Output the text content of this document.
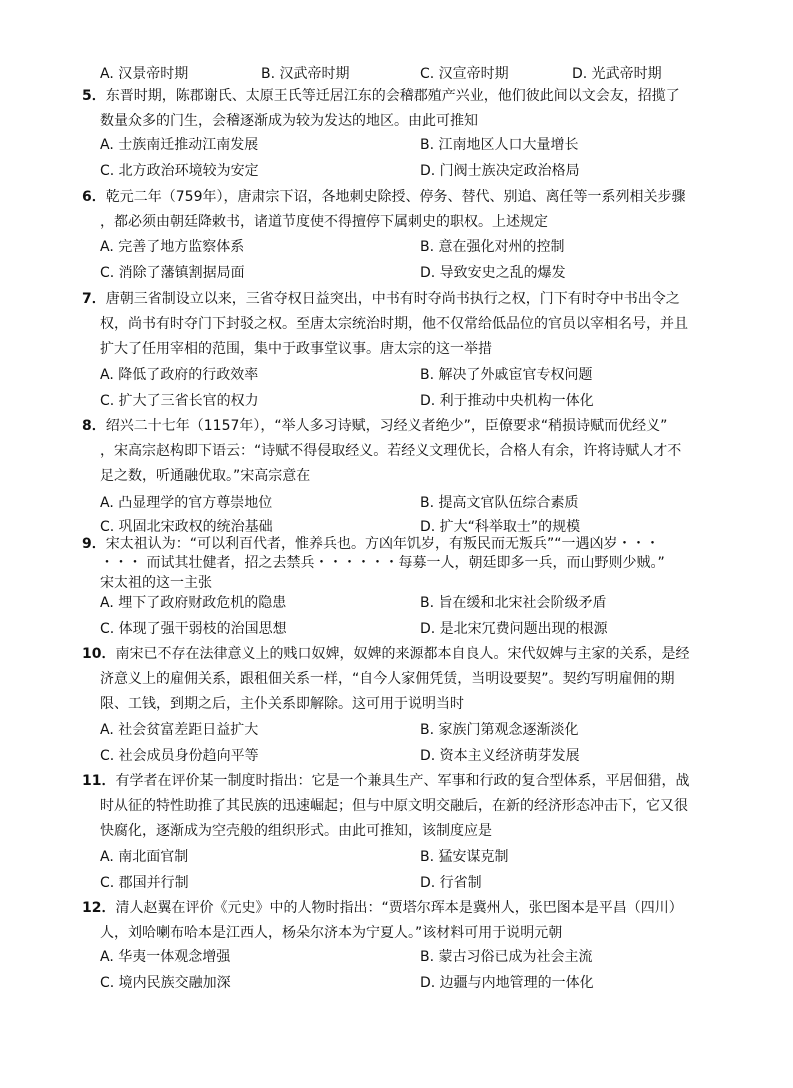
A. 汉景帝时期	B. 汉武帝时期	C. 汉宣帝时期	D. 光武帝时期
5．东晋时期，陈郡谢氏、太原王氏等迁居江东的会稽郡殖产兴业，他们彼此间以文会友，招揽了
数量众多的门生，会稽逐渐成为较为发达的地区。由此可推知
A. 士族南迁推动江南发展	B. 江南地区人口大量增长
C. 北方政治环境较为安定	D. 门阀士族决定政治格局
6．乾元二年（759年），唐肃宗下诏，各地刺史除授、停务、替代、别追、离任等一系列相关步骤
，都必须由朝廷降敕书，诸道节度使不得擅停下属刺史的职权。上述规定
A. 完善了地方监察体系	B. 意在强化对州的控制
C. 消除了藩镇割据局面	D. 导致安史之乱的爆发
7．唐朝三省制设立以来，三省夺权日益突出，中书有时夺尚书执行之权，门下有时夺中书出令之
权，尚书有时夺门下封驳之权。至唐太宗统治时期，他不仅常给低品位的官员以宰相名号，并且
扩大了任用宰相的范围，集中于政事堂议事。唐太宗的这一举措
A. 降低了政府的行政效率	B. 解决了外戚宦官专权问题
C. 扩大了三省长官的权力	D. 利于推动中央机构一体化
8．绍兴二十七年（1157年），“举人多习诗赋，习经义者绝少”，臣僚要求“稍损诗赋而优经义”
，宋高宗赵构即下语云：“诗赋不得侵取经义。若经义文理优长，合格人有余，许将诗赋人才不
足之数，听通融优取。”宋高宗意在
A. 凸显理学的官方尊崇地位	B. 提高文官队伍综合素质
C. 巩固北宋政权的统治基础	D. 扩大“科举取士”的规模
9．宋太祖认为：“可以利百代者，惟养兵也。方凶年饥岁，有叛民而无叛兵”“一遇凶岁・・・
・・・ 而试其壮健者，招之去禁兵・・・・・・每募一人，朝廷即多一兵，而山野则少贼。”
宋太祖的这一主张
A. 埋下了政府财政危机的隐患	B. 旨在缓和北宋社会阶级矛盾
C. 体现了强干弱枝的治国思想	D. 是北宋冗费问题出现的根源
10．南宋已不存在法律意义上的贱口奴婢，奴婢的来源都本自良人。宋代奴婢与主家的关系，是经
济意义上的雇佣关系，跟租佃关系一样，“自今人家佣凭赁，当明设要契”。契约写明雇佣的期
限、工钱，到期之后，主仆关系即解除。这可用于说明当时
A. 社会贫富差距日益扩大	B. 家族门第观念逐渐淡化
C. 社会成员身份趋向平等	D. 资本主义经济萌芽发展
11．有学者在评价某一制度时指出：它是一个兼具生产、军事和行政的复合型体系，平居佃猎，战
时从征的特性助推了其民族的迅速崛起；但与中原文明交融后，在新的经济形态冲击下，它又很
快腐化，逐渐成为空壳般的组织形式。由此可推知，该制度应是
A. 南北面官制	B. 猛安谋克制
C. 郡国并行制	D. 行省制
12．清人赵翼在评价《元史》中的人物时指出：“贾塔尔珲本是冀州人，张巴图本是平昌（四川）
人，刘哈喇布哈本是江西人，杨朵尔济本为宁夏人。”该材料可用于说明元朝
A. 华夷一体观念增强	B. 蒙古习俗已成为社会主流
C. 境内民族交融加深	D. 边疆与内地管理的一体化
